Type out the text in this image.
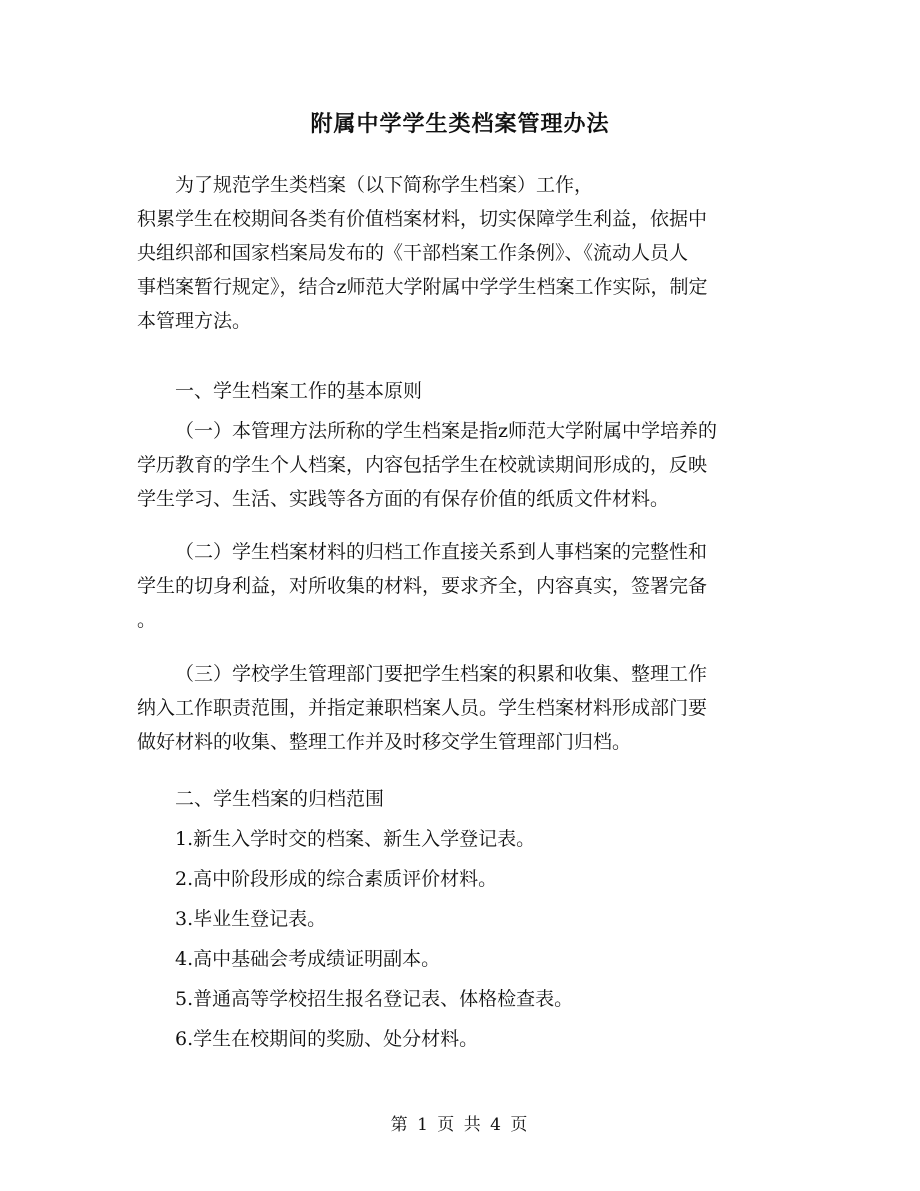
附属中学学生类档案管理办法
为了规范学生类档案（以下简称学生档案）工作，
积累学生在校期间各类有价值档案材料，切实保障学生利益，依据中
央组织部和国家档案局发布的《干部档案工作条例》、《流动人员人
事档案暂行规定》，结合z师范大学附属中学学生档案工作实际，制定
本管理方法。
一、学生档案工作的基本原则
（一）本管理方法所称的学生档案是指z师范大学附属中学培养的
学历教育的学生个人档案，内容包括学生在校就读期间形成的，反映
学生学习、生活、实践等各方面的有保存价值的纸质文件材料。
（二）学生档案材料的归档工作直接关系到人事档案的完整性和
学生的切身利益，对所收集的材料，要求齐全，内容真实，签署完备
。
（三）学校学生管理部门要把学生档案的积累和收集、整理工作
纳入工作职责范围，并指定兼职档案人员。学生档案材料形成部门要
做好材料的收集、整理工作并及时移交学生管理部门归档。
二、学生档案的归档范围
1.新生入学时交的档案、新生入学登记表。
2.高中阶段形成的综合素质评价材料。
3.毕业生登记表。
4.高中基础会考成绩证明副本。
5.普通高等学校招生报名登记表、体格检查表。
6.学生在校期间的奖励、处分材料。
第 1 页 共 4 页
